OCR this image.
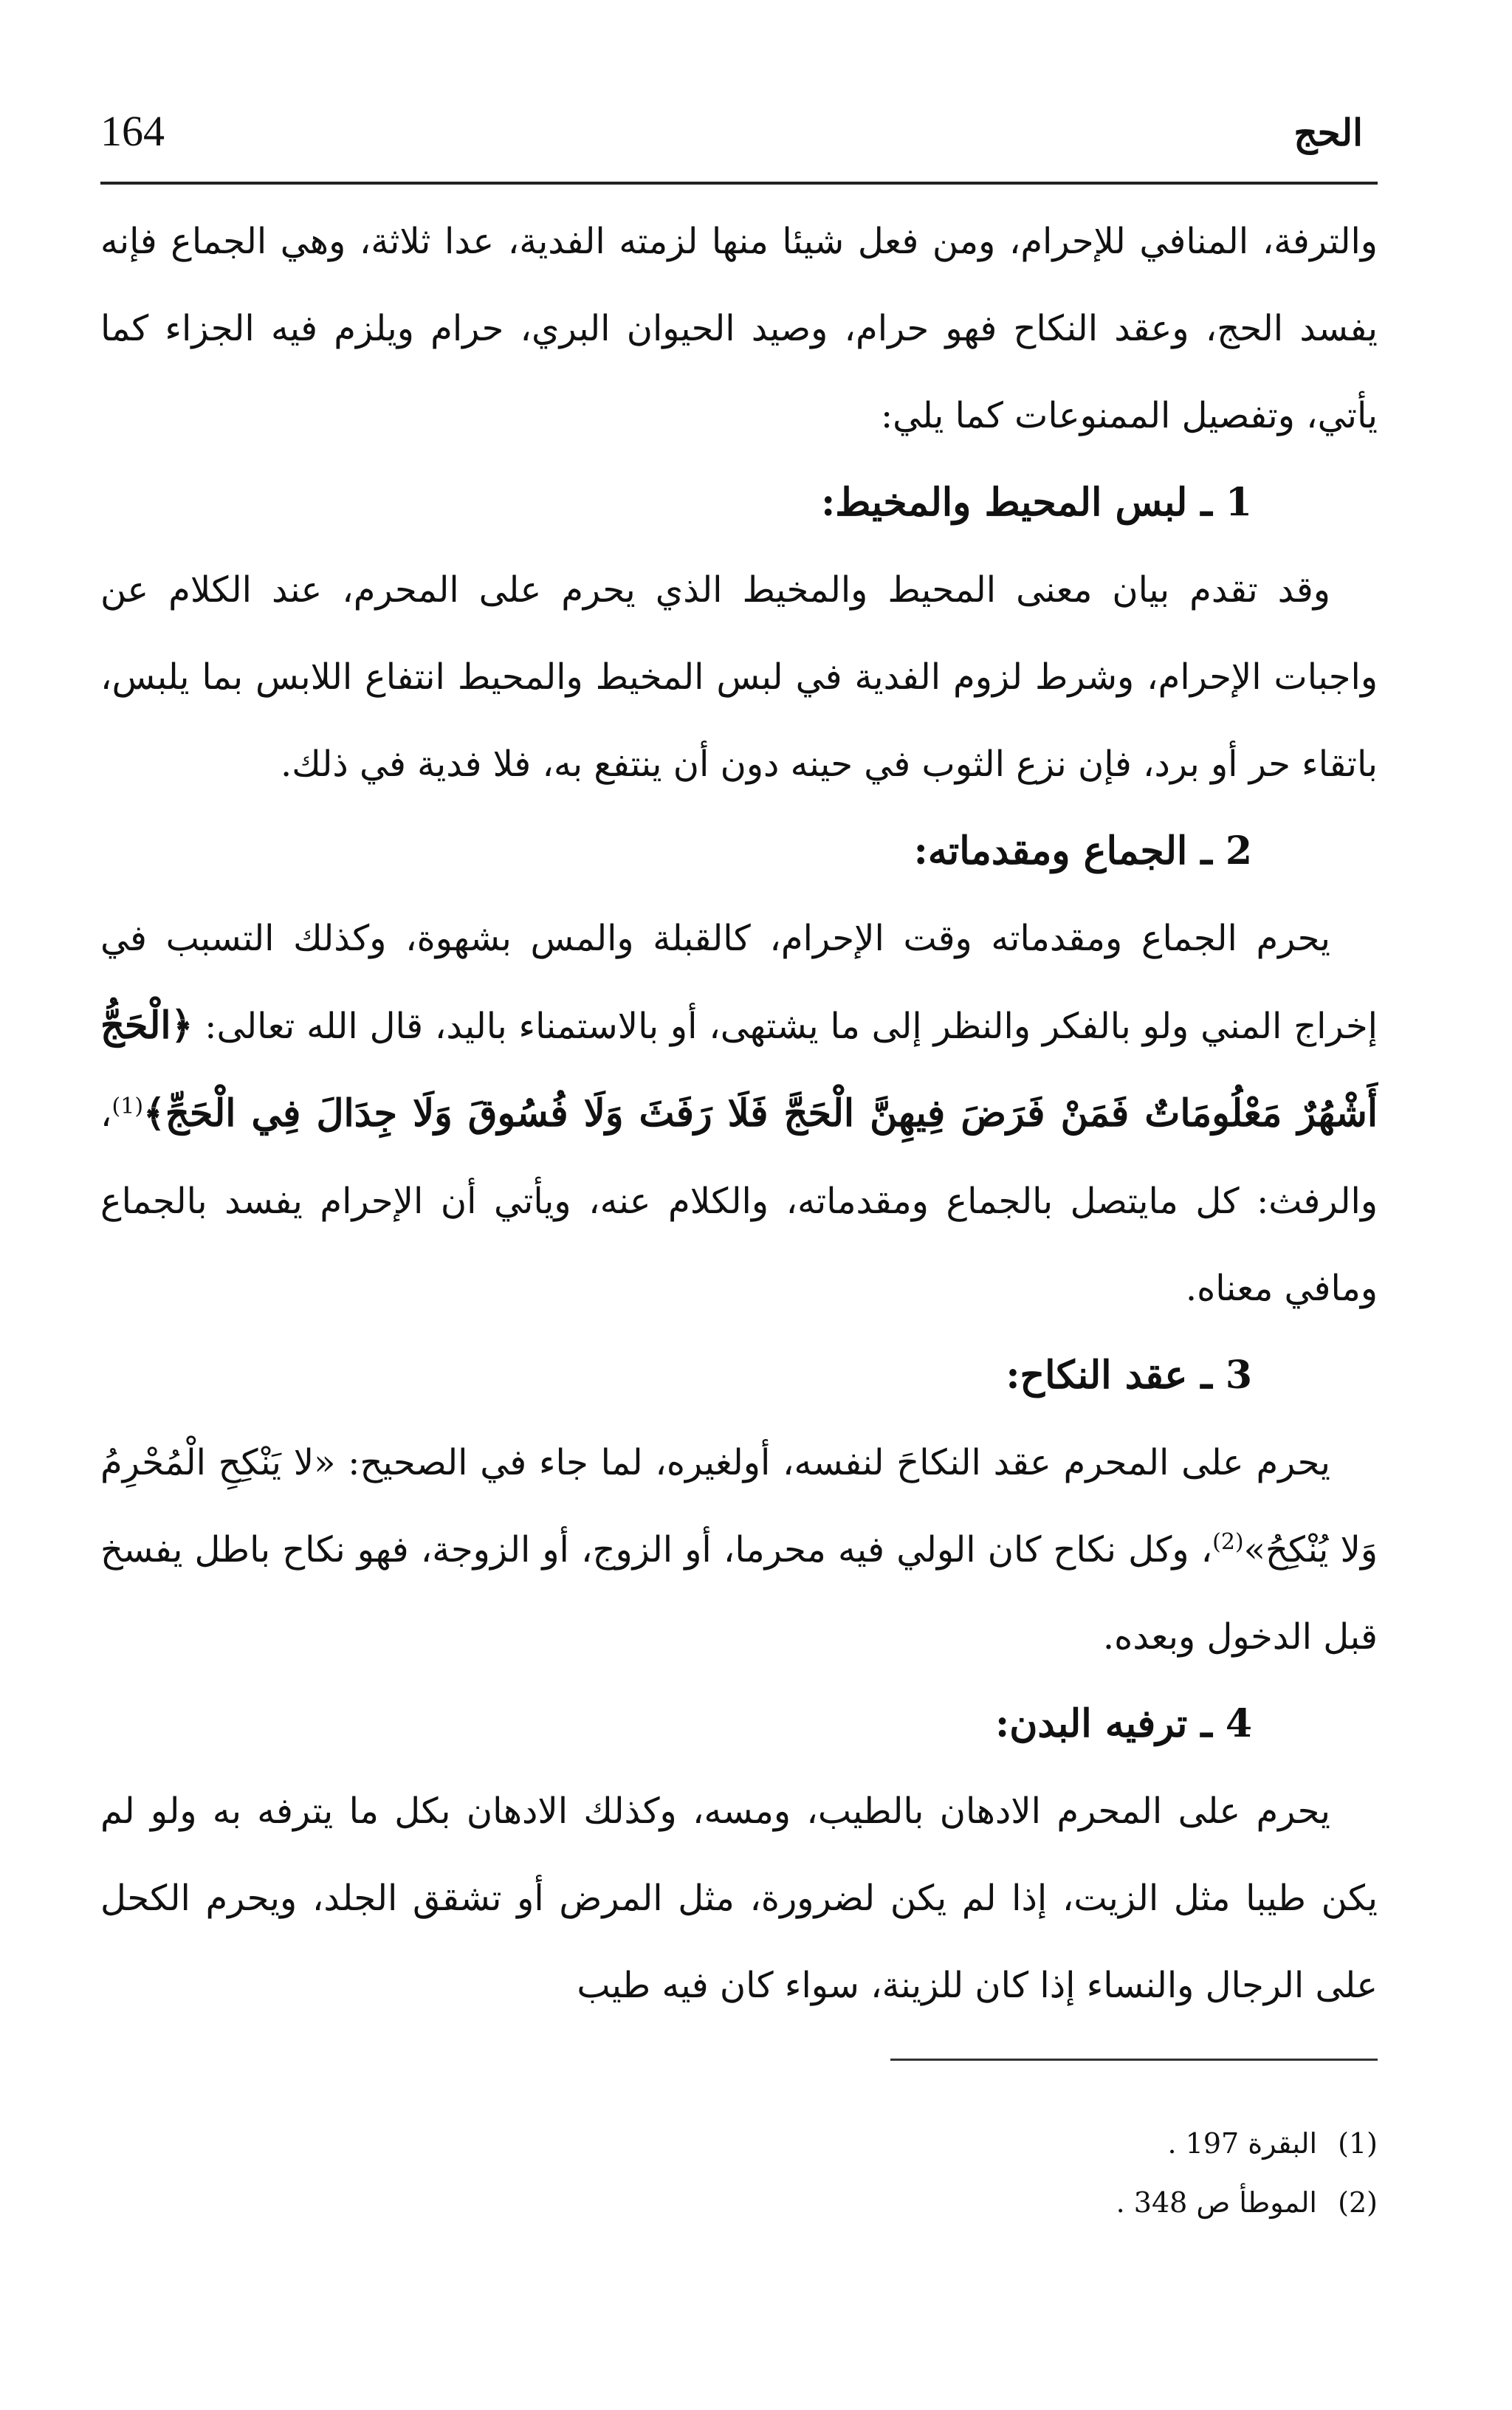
الحج
164

والترفة، المنافي للإحرام، ومن فعل شيئا منها لزمته الفدية، عدا ثلاثة، وهي الجماع فإنه يفسد الحج، وعقد النكاح فهو حرام، وصيد الحيوان البري، حرام ويلزم فيه الجزاء كما يأتي، وتفصيل الممنوعات كما يلي:

1 ـ لبس المحيط والمخيط:

وقد تقدم بيان معنى المحيط والمخيط الذي يحرم على المحرم، عند الكلام عن واجبات الإحرام، وشرط لزوم الفدية في لبس المخيط والمحيط انتفاع اللابس بما يلبس، باتقاء حر أو برد، فإن نزع الثوب في حينه دون أن ينتفع به، فلا فدية في ذلك.

2 ـ الجماع ومقدماته:

يحرم الجماع ومقدماته وقت الإحرام، كالقبلة والمس بشهوة، وكذلك التسبب في إخراج المني ولو بالفكر والنظر إلى ما يشتهى، أو بالاستمناء باليد، قال الله تعالى: ﴿الْحَجُّ أَشْهُرٌ مَعْلُومَاتٌ فَمَنْ فَرَضَ فِيهِنَّ الْحَجَّ فَلَا رَفَثَ وَلَا فُسُوقَ وَلَا جِدَالَ فِي الْحَجِّ﴾$^{(1)}$، والرفث: كل مايتصل بالجماع ومقدماته، والكلام عنه، ويأتي أن الإحرام يفسد بالجماع ومافي معناه.

3 ـ عقد النكاح:

يحرم على المحرم عقد النكاحَ لنفسه، أولغيره، لما جاء في الصحيح: «لا يَنْكِحِ الْمُحْرِمُ وَلا يُنْكِحُ»$^{(2)}$، وكل نكاح كان الولي فيه محرما، أو الزوج، أو الزوجة، فهو نكاح باطل يفسخ قبل الدخول وبعده.

4 ـ ترفيه البدن:

يحرم على المحرم الادهان بالطيب، ومسه، وكذلك الادهان بكل ما يترفه به ولو لم يكن طيبا مثل الزيت، إذا لم يكن لضرورة، مثل المرض أو تشقق الجلد، ويحرم الكحل على الرجال والنساء إذا كان للزينة، سواء كان فيه طيب

(1)البقرة 197 .

(2)الموطأ ص 348 .
